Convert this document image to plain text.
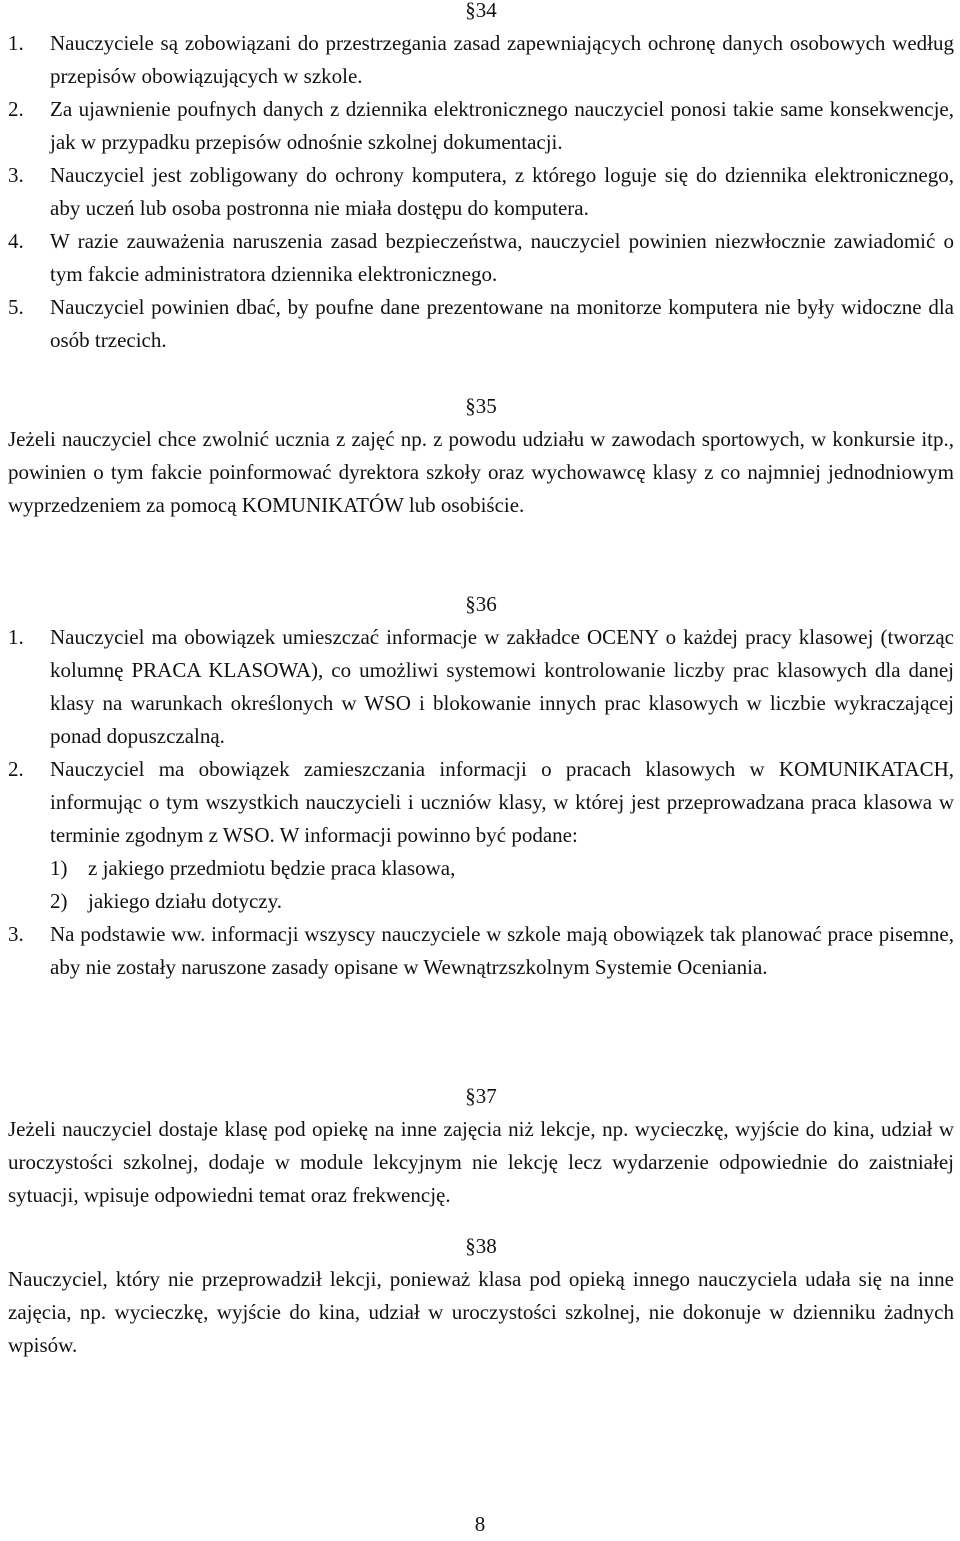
§34
1.	Nauczyciele są zobowiązani do przestrzegania zasad zapewniających ochronę danych osobowych według przepisów obowiązujących w szkole.
2.	Za ujawnienie poufnych danych z dziennika elektronicznego nauczyciel ponosi takie same konsekwencje, jak w przypadku przepisów odnośnie szkolnej dokumentacji.
3.	Nauczyciel jest zobligowany do ochrony komputera, z którego loguje się do dziennika elektronicznego, aby uczeń lub osoba postronna nie miała dostępu do komputera.
4.	W razie zauważenia naruszenia zasad bezpieczeństwa, nauczyciel powinien niezwłocznie zawiadomić o tym fakcie administratora dziennika elektronicznego.
5.	Nauczyciel powinien dbać, by poufne dane prezentowane na monitorze komputera nie były widoczne dla osób trzecich.
§35

Jeżeli nauczyciel chce zwolnić ucznia z zajęć np. z powodu udziału w zawodach sportowych, w konkursie itp., powinien o tym fakcie poinformować dyrektora szkoły oraz wychowawcę klasy z co najmniej jednodniowym wyprzedzeniem za pomocą KOMUNIKATÓW lub osobiście.

§36
1.	Nauczyciel ma obowiązek umieszczać informacje w zakładce OCENY o każdej pracy klasowej (tworząc kolumnę PRACA KLASOWA), co umożliwi systemowi kontrolowanie liczby prac klasowych dla danej klasy na warunkach określonych w WSO i blokowanie innych prac klasowych w liczbie wykraczającej ponad dopuszczalną.
2.	Nauczyciel ma obowiązek zamieszczania informacji o pracach klasowych w KOMUNIKATACH, informując o tym wszystkich nauczycieli i uczniów klasy, w której jest przeprowadzana praca klasowa w terminie zgodnym z WSO. W informacji powinno być podane:
1) z jakiego przedmiotu będzie praca klasowa,
2) jakiego działu dotyczy.
3.	Na podstawie ww. informacji wszyscy nauczyciele w szkole mają obowiązek tak planować prace pisemne, aby nie zostały naruszone zasady opisane w Wewnątrzszkolnym Systemie Oceniania.
§37

Jeżeli nauczyciel dostaje klasę pod opiekę na inne zajęcia niż lekcje, np. wycieczkę, wyjście do kina, udział w uroczystości szkolnej, dodaje w module lekcyjnym nie lekcję lecz wydarzenie odpowiednie do zaistniałej sytuacji, wpisuje odpowiedni temat oraz frekwencję.

§38

Nauczyciel, który nie przeprowadził lekcji, ponieważ klasa pod opieką innego nauczyciela udała się na inne zajęcia, np. wycieczkę, wyjście do kina, udział w uroczystości szkolnej, nie dokonuje w dzienniku żadnych wpisów.

8
